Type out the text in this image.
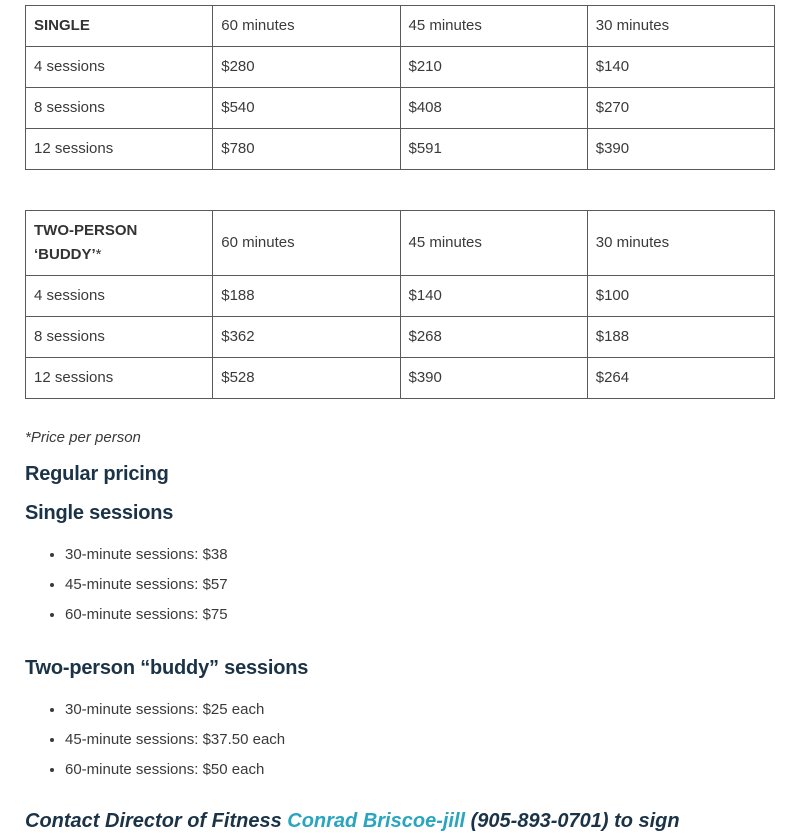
SINGLE	60 minutes	45 minutes	30 minutes
4 sessions	$280	$210	$140
8 sessions	$540	$408	$270
12 sessions	$780	$591	$390
TWO-PERSON ‘BUDDY’*	60 minutes	45 minutes	30 minutes
4 sessions	$188	$140	$100
8 sessions	$362	$268	$188
12 sessions	$528	$390	$264

*Price per person

Regular pricing
Single sessions
• 30-minute sessions: $38
• 45-minute sessions: $57
• 60-minute sessions: $75
Two-person “buddy” sessions
• 30-minute sessions: $25 each
• 45-minute sessions: $37.50 each
• 60-minute sessions: $50 each
Contact Director of Fitness Conrad Briscoe-jill (905-893-0701) to sign
